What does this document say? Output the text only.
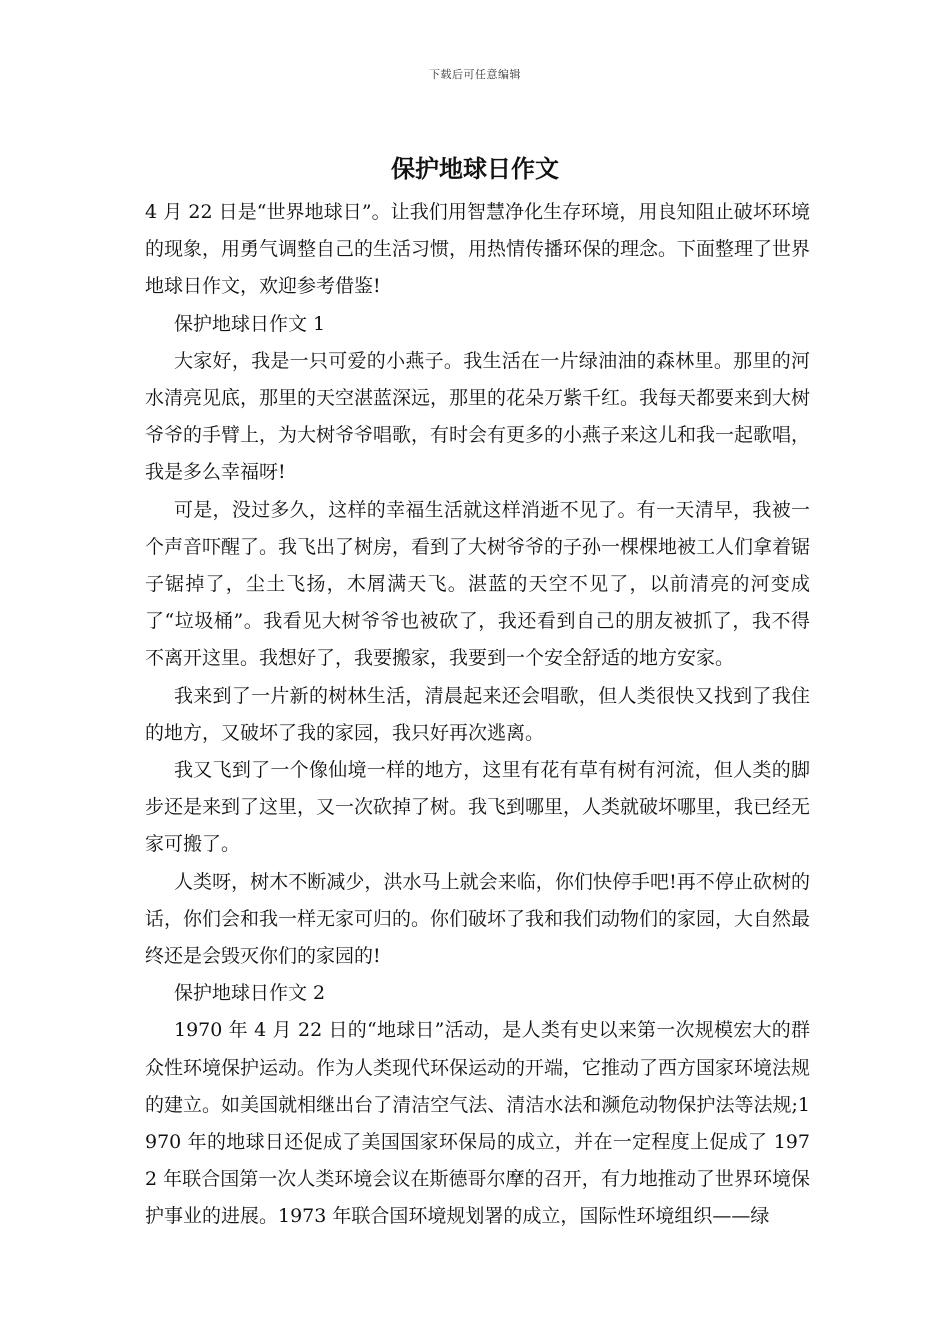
下载后可任意编辑
保护地球日作文

4 月 22 日是“世界地球日”。让我们用智慧净化生存环境，用良知阻止破坏环境的现象，用勇气调整自己的生活习惯，用热情传播环保的理念。下面整理了世界地球日作文，欢迎参考借鉴!

保护地球日作文 1

大家好，我是一只可爱的小燕子。我生活在一片绿油油的森林里。那里的河水清亮见底，那里的天空湛蓝深远，那里的花朵万紫千红。我每天都要来到大树爷爷的手臂上，为大树爷爷唱歌，有时会有更多的小燕子来这儿和我一起歌唱，我是多么幸福呀!

可是，没过多久，这样的幸福生活就这样消逝不见了。有一天清早，我被一个声音吓醒了。我飞出了树房，看到了大树爷爷的子孙一棵棵地被工人们拿着锯子锯掉了，尘土飞扬，木屑满天飞。湛蓝的天空不见了，以前清亮的河变成了“垃圾桶”。我看见大树爷爷也被砍了，我还看到自己的朋友被抓了，我不得不离开这里。我想好了，我要搬家，我要到一个安全舒适的地方安家。

我来到了一片新的树林生活，清晨起来还会唱歌，但人类很快又找到了我住的地方，又破坏了我的家园，我只好再次逃离。

我又飞到了一个像仙境一样的地方，这里有花有草有树有河流，但人类的脚步还是来到了这里，又一次砍掉了树。我飞到哪里，人类就破坏哪里，我已经无家可搬了。

人类呀，树木不断减少，洪水马上就会来临，你们快停手吧!再不停止砍树的话，你们会和我一样无家可归的。你们破坏了我和我们动物们的家园，大自然最终还是会毁灭你们的家园的!

保护地球日作文 2

1970 年 4 月 22 日的“地球日”活动，是人类有史以来第一次规模宏大的群众性环境保护运动。作为人类现代环保运动的开端，它推动了西方国家环境法规的建立。如美国就相继出台了清洁空气法、清洁水法和濒危动物保护法等法规;1970 年的地球日还促成了美国国家环保局的成立，并在一定程度上促成了 1972 年联合国第一次人类环境会议在斯德哥尔摩的召开，有力地推动了世界环境保护事业的进展。1973 年联合国环境规划署的成立，国际性环境组织——绿
